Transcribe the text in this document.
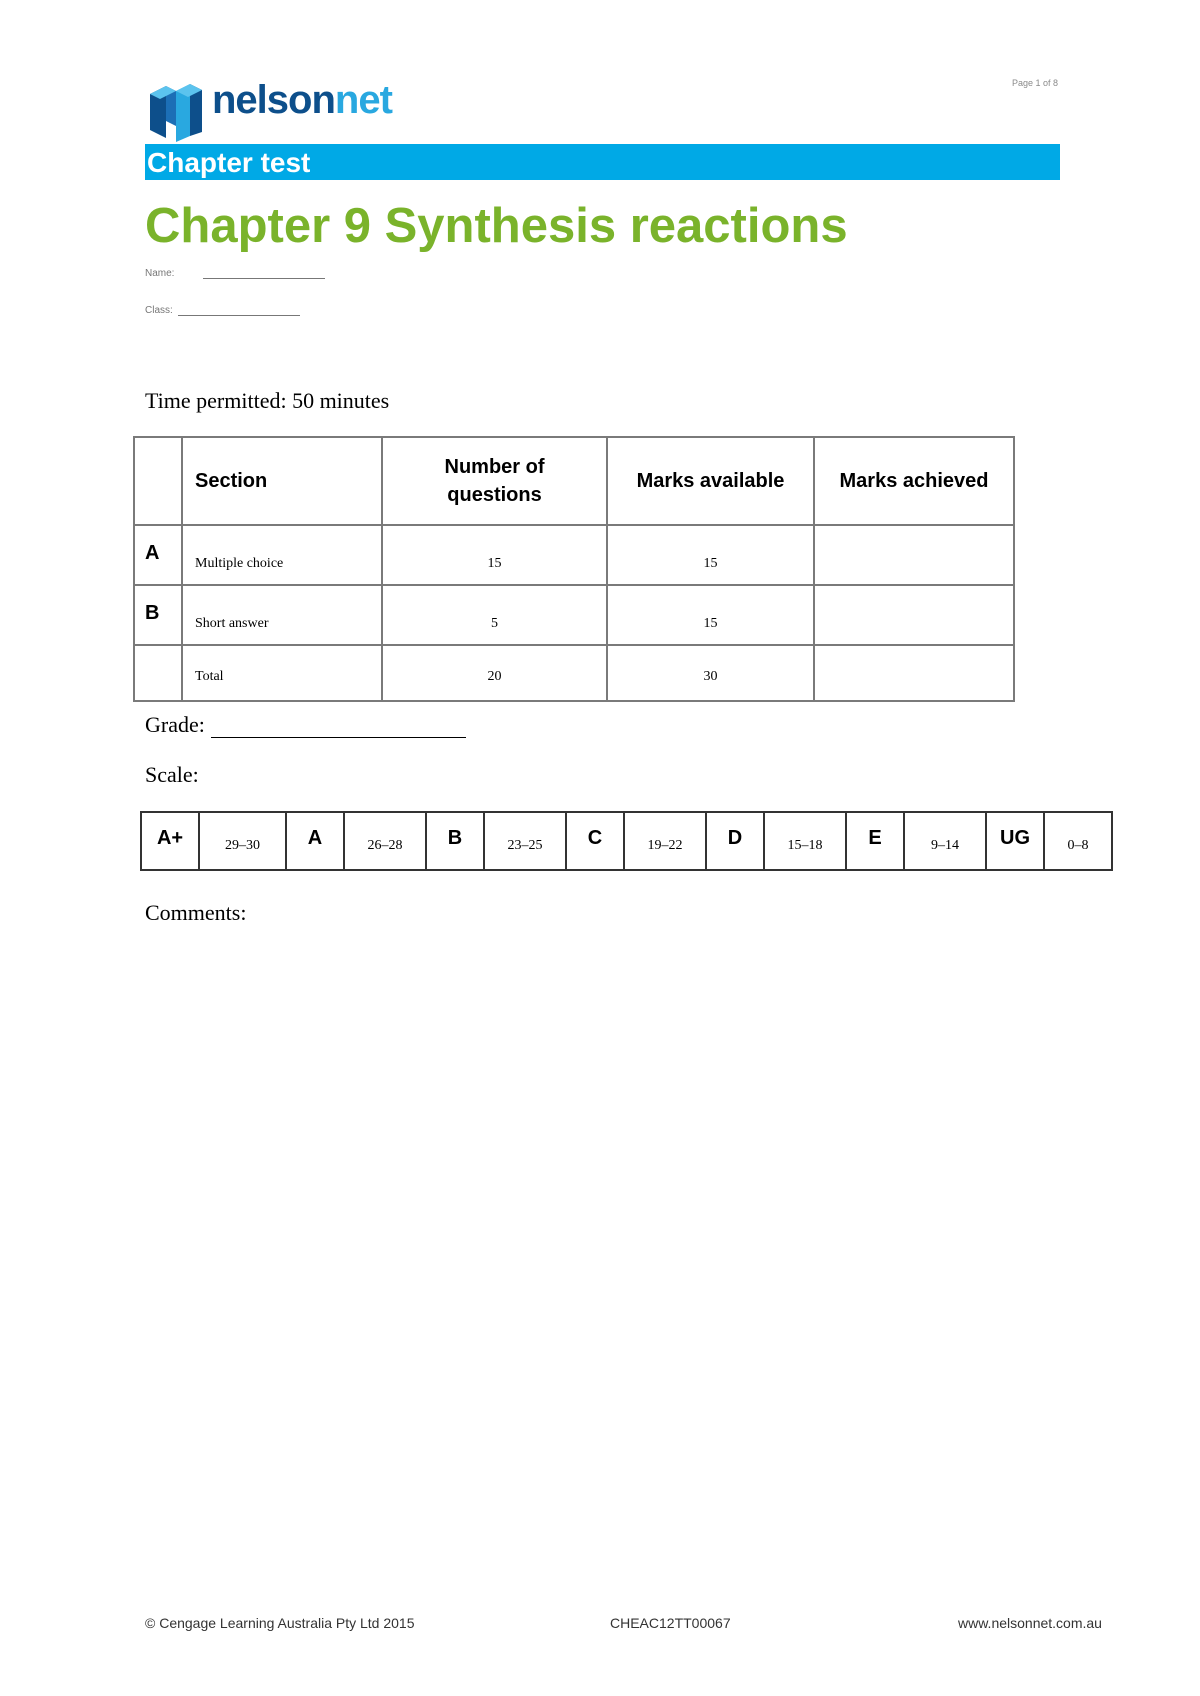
nelsonnet	Page 1 of 8
Chapter test
Chapter 9 Synthesis reactions
Name:
Class:
Time permitted: 50 minutes
	Section	Number of questions	Marks available	Marks achieved
A	Multiple choice	15	15	
B	Short answer	5	15	
	Total	20	30	
Grade:
Scale:
A+	29–30	A	26–28	B	23–25	C	19–22	D	15–18	E	9–14	UG	0–8
Comments:
© Cengage Learning Australia Pty Ltd 2015	CHEAC12TT00067	www.nelsonnet.com.au
